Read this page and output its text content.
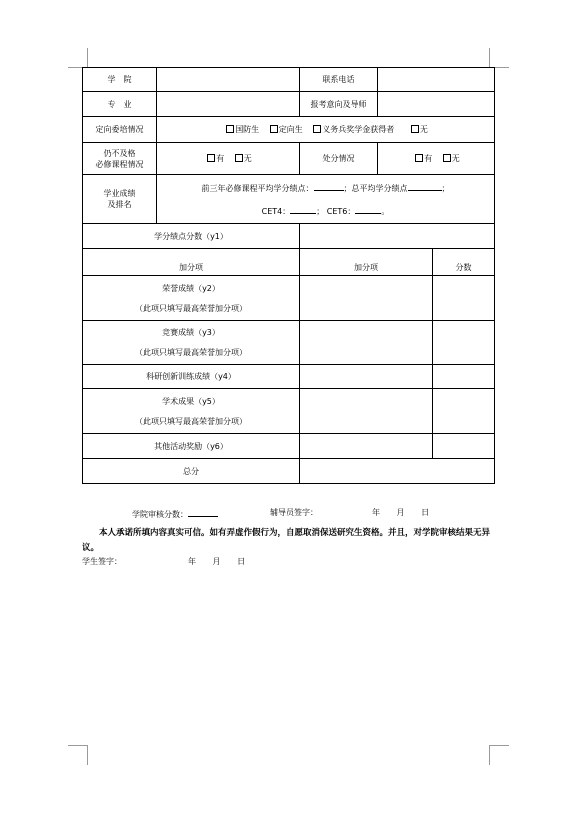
学　院		联系电话		
专　业		报考意向及导师		
定向委培情况	国防生 定向生 义务兵奖学金获得者 无			
仍不及格
必修课程情况	有 无	处分情况	有 无	
学业成绩
及排名	前三年必修课程平均学分绩点： ；总平均学分绩点 ；
CET4： ； CET6： 。			

学分绩点分数（y1）				
加分项		加分项		分数
荣誉成绩（y2）
（此项只填写最高荣誉加分项）				
竞赛成绩（y3）
（此项只填写最高荣誉加分项）				
科研创新训练成绩（y4）				
学术成果（y5）
（此项只填写最高荣誉加分项）				
其他活动奖励（y6）				
总分				
学院审核分数：	辅导员签字：	年 月 日
本人承诺所填内容真实可信。如有弄虚作假行为，自愿取消保送研究生资格。并且，对学院审核结果无异议。
学生签字：	年 月 日
